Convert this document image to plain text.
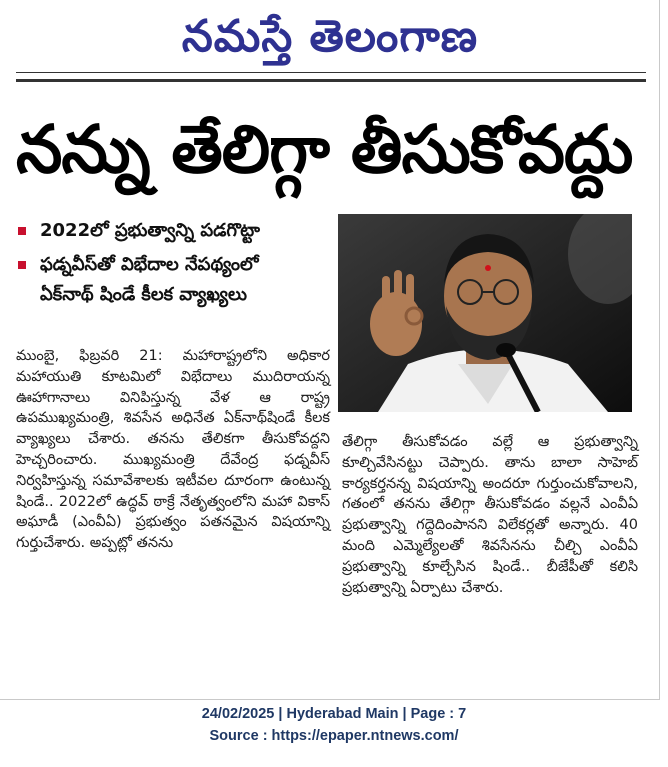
నమస్తే తెలంగాణ
నన్ను తేలిగ్గా తీసుకోవద్దు
2022లో ప్రభుత్వాన్ని పడగొట్టా
ఫడ్నవీస్‌తో విభేదాల నేపథ్యంలో
ఏక్‌నాథ్ షిండే కీలక వ్యాఖ్యలు

ముంబై, ఫిబ్రవరి 21: మహారాష్ట్రలోని అధికార మహాయుతి కూటమిలో విభేదాలు ముదిరాయన్న ఊహాగానాలు వినిపిస్తున్న వేళ ఆ రాష్ట్ర ఉపముఖ్యమంత్రి, శివసేన అధినేత ఏక్‌నాథ్‌షిండే కీలక వ్యాఖ్యలు చేశారు. తనను తేలికగా తీసుకోవద్దని హెచ్చరించారు. ముఖ్యమంత్రి దేవేంద్ర ఫడ్నవీస్ నిర్వహిస్తున్న సమావేశాలకు ఇటీవల దూరంగా ఉంటున్న షిండే.. 2022లో ఉద్ధవ్ ఠాక్రే నేతృత్వంలోని మహా వికాస్ అఘాడీ (ఎంవీఏ) ప్రభుత్వం పతనమైన విషయాన్ని గుర్తుచేశారు. అప్పట్లో తనను

తేలిగ్గా తీసుకోవడం వల్లే ఆ ప్రభుత్వాన్ని కూల్చివేసినట్టు చెప్పారు. తాను బాలా సాహెబ్ కార్యకర్తనన్న విషయాన్ని అందరూ గుర్తుంచుకోవాలని, గతంలో తనను తేలిగ్గా తీసుకోవడం వల్లనే ఎంవీఏ ప్రభుత్వాన్ని గద్దెదింపానని విలేకర్లతో అన్నారు. 40 మంది ఎమ్మెల్యేలతో శివసేనను చీల్చి ఎంవీఏ ప్రభుత్వాన్ని కూల్చేసిన షిండే.. బీజేపీతో కలిసి ప్రభుత్వాన్ని ఏర్పాటు చేశారు.

24/02/2025 | Hyderabad Main | Page : 7
Source : https://epaper.ntnews.com/
